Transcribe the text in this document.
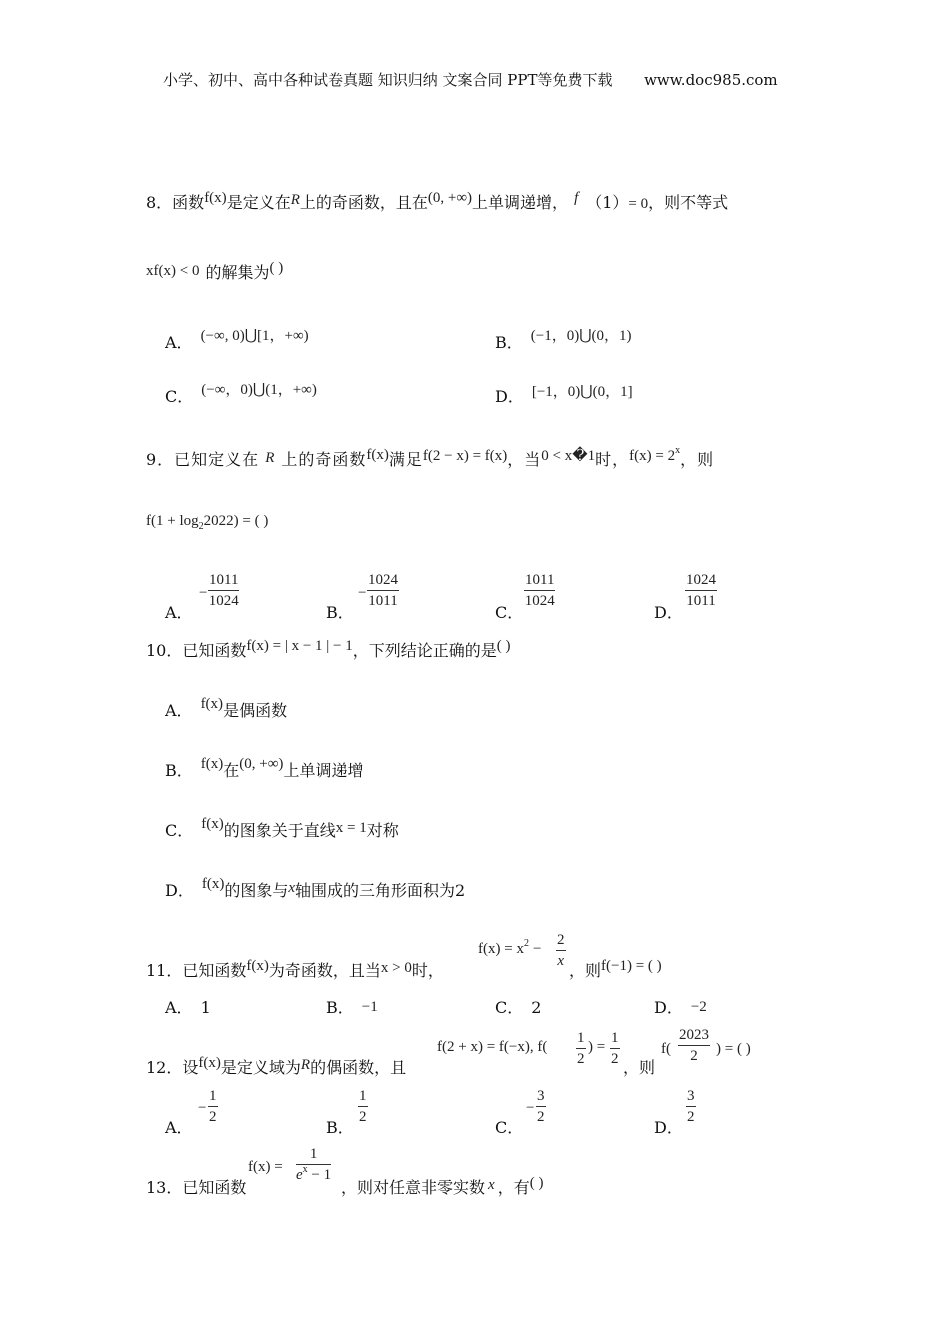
小学、初中、高中各种试卷真题 知识归纳 文案合同 PPT等免费下载 www.doc985.com
8．函数f(x)是定义在R上的奇函数，且在(0, +∞)上单调递增， f （1）= 0，则不等式
xf(x) < 0 的解集为( )
A． (−∞, 0)⋃[1，+∞)	B． (−1，0)⋃(0，1)
C． (−∞，0)⋃(1，+∞)	D． [−1，0)⋃(0，1]
9．已知定义在 R 上的奇函数f(x)满足f(2 − x) = f(x)，当0 < x�1时，$f(x) = 2^x$，则
$f(1 + \log_22022)$ = ( )
A．
−
1011
1024
B．
−
1024
1011
C．
1011
1024
D．
1024
1011
10．已知函数f(x) = | x − 1 | − 1，下列结论正确的是( )
A． f(x)是偶函数
B． f(x)在(0, +∞)上单调递增
C． f(x)的图象关于直线x = 1对称
D． f(x)的图象与x轴围成的三角形面积为2
11．已知函数f(x)为奇函数，且当x > 0时，
$f(x) = x^2$ −
2
x ，则f(−1) = ( )
A． 1	B． −1	C． 2	D． −2
12．设f(x)是定义域为R的偶函数，且
f(2 + x) = f(−x), f(
1
2
) =
1
2 ，则
f(
2023
2	) = ( )
A．
−
1
2
B．
1
2
C．
−
3
2
D．
3
2
13．已知函数
f(x) =
1
$e^x - 1$
，则对任意非零实数 x ，有( )
